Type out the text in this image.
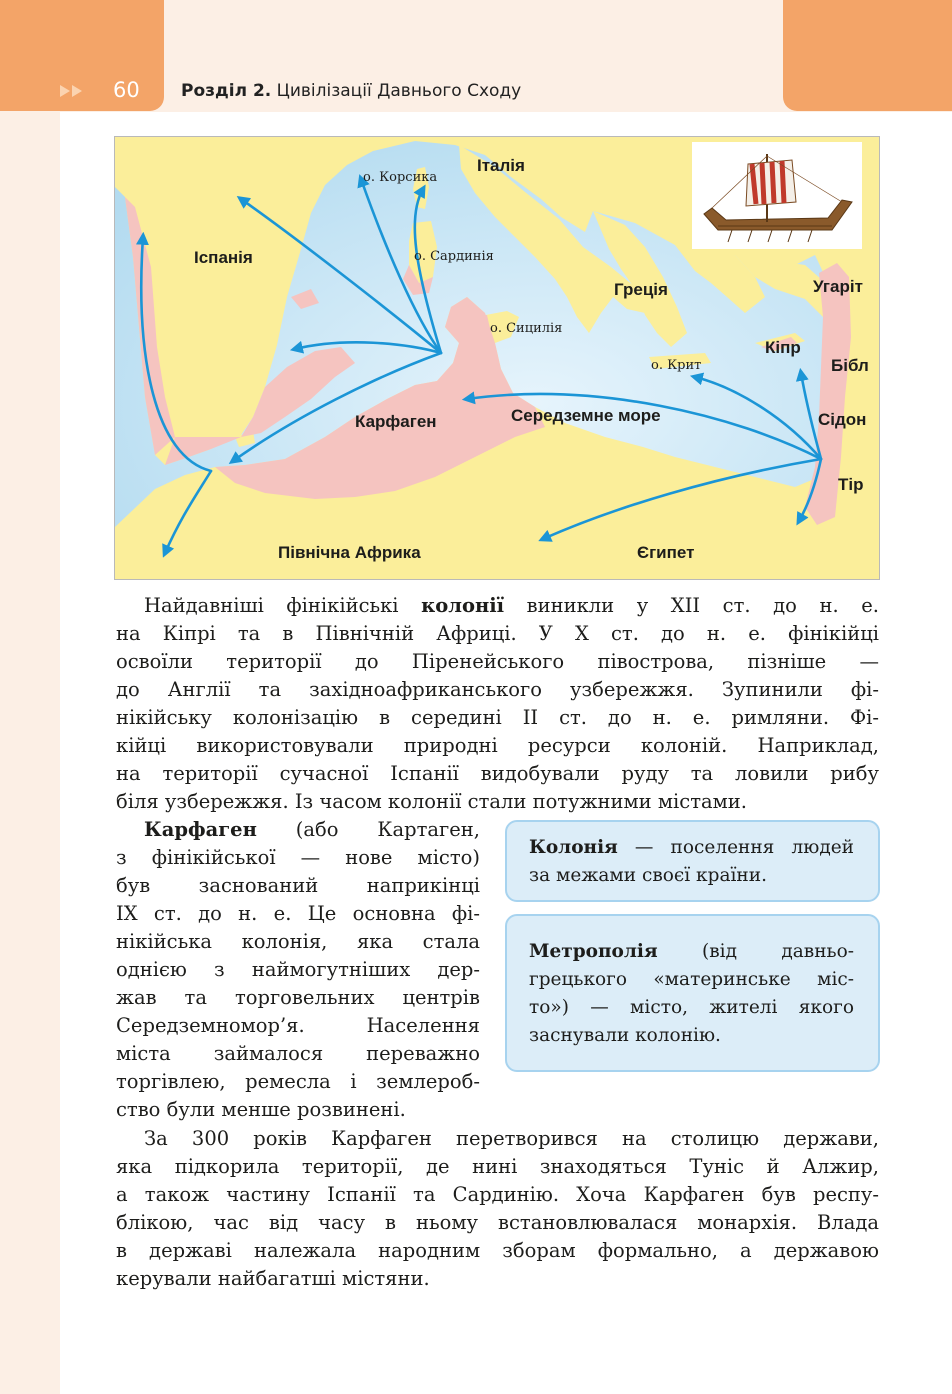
60 Розділ 2. Цивілізації Давнього Сходу
Італія
Іспанія
Греція	Угаріт
Кіпр
Бібл
Сідон
Тір
Карфаген	Середземне море
Північна Африка	Єгипет
о. Корсика
о. Сардинія
о. Сицилія
о. Крит
Найдавніші фінікійські колонії виникли у XII ст. до н. е.
на Кіпрі та в Північній Африці. У X ст. до н. е. фінікійці
освоїли території до Піренейського півострова, пізніше —
до Англії та західноафриканського узбережжя. Зупинили фі-
нікійську колонізацію в середині II ст. до н. е. римляни. Фі-
кійці використовували природні ресурси колоній. Наприклад,
на території сучасної Іспанії видобували руду та ловили рибу
біля узбережжя. Із часом колонії стали потужними містами.
Карфаген (або Картаген,
з фінікійської — нове місто)
був заснований наприкінці
IX ст. до н. е. Це основна фі-
нікійська колонія, яка стала
однією з наймогутніших дер-
жав та торговельних центрів
Середземномор’я. Населення
міста займалося переважно
торгівлею, ремесла і землероб-
ство були менше розвинені.
Колонія — поселення людей
за межами своєї країни.
Метрополія (від давньо-
грецького «материнське міс-
то») — місто, жителі якого
заснували колонію.
За 300 років Карфаген перетворився на столицю держави,
яка підкорила території, де нині знаходяться Туніс й Алжир,
а також частину Іспанії та Сардинію. Хоча Карфаген був респу-
блікою, час від часу в ньому встановлювалася монархія. Влада
в державі належала народним зборам формально, а державою
керували найбагатші містяни.
